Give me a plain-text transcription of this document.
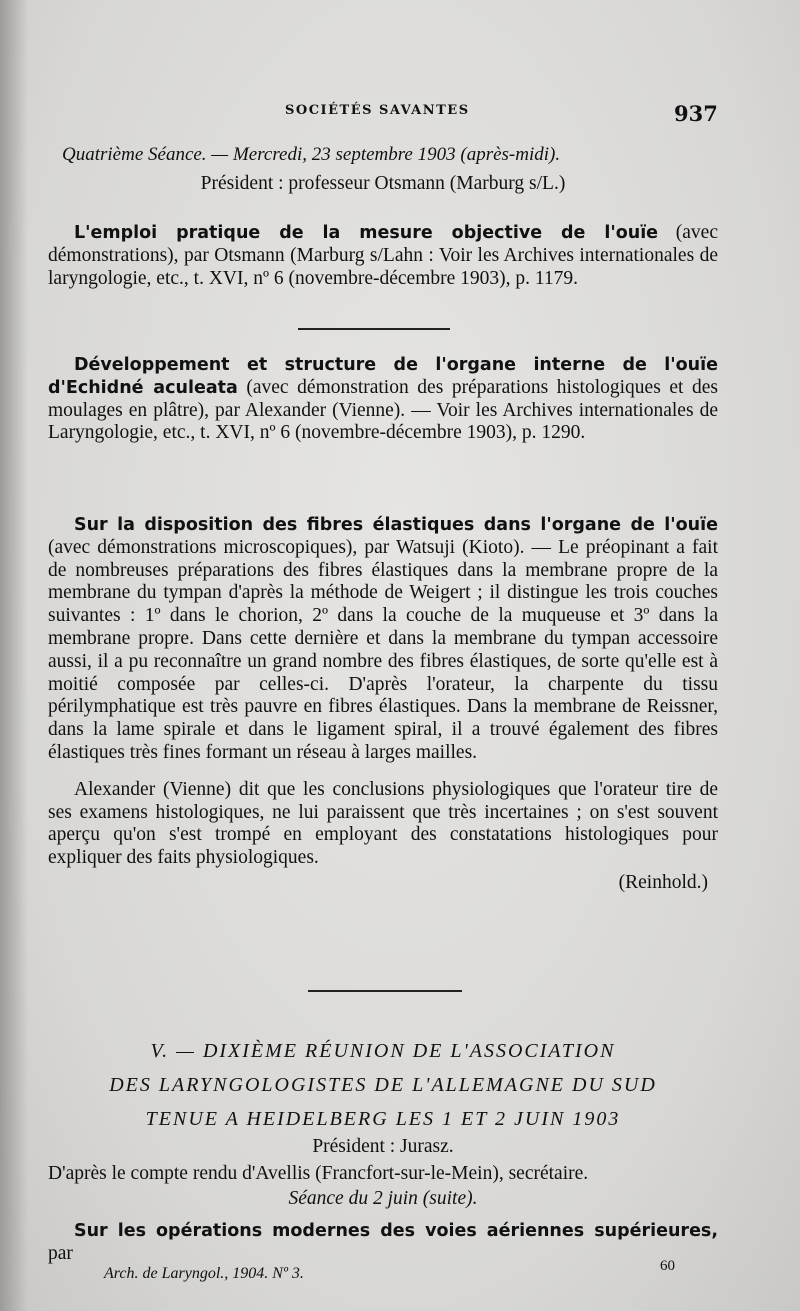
SOCIÉTÉS SAVANTES	937

Quatrième Séance. — Mercredi, 23 septembre 1903 (après-midi).

Président : professeur Otsmann (Marburg s/L.)

L'emploi pratique de la mesure objective de l'ouïe (avec démonstrations), par Otsmann (Marburg s/Lahn : Voir les Archives internationales de laryngologie, etc., t. XVI, nº 6 (novembre-décembre 1903), p. 1179.

Développement et structure de l'organe interne de l'ouïe d'Echidné aculeata (avec démonstration des préparations histologiques et des moulages en plâtre), par Alexander (Vienne). — Voir les Archives internationales de Laryngologie, etc., t. XVI, nº 6 (novembre-décembre 1903), p. 1290.

Sur la disposition des fibres élastiques dans l'organe de l'ouïe (avec démonstrations microscopiques), par Watsuji (Kioto). — Le préopinant a fait de nombreuses préparations des fibres élastiques dans la membrane propre de la membrane du tympan d'après la méthode de Weigert ; il distingue les trois couches suivantes : 1º dans le chorion, 2º dans la couche de la muqueuse et 3º dans la membrane propre. Dans cette dernière et dans la membrane du tympan accessoire aussi, il a pu reconnaître un grand nombre des fibres élastiques, de sorte qu'elle est à moitié composée par celles-ci. D'après l'orateur, la charpente du tissu périlymphatique est très pauvre en fibres élastiques. Dans la membrane de Reissner, dans la lame spirale et dans le ligament spiral, il a trouvé également des fibres élastiques très fines formant un réseau à larges mailles.

Alexander (Vienne) dit que les conclusions physiologiques que l'orateur tire de ses examens histologiques, ne lui paraissent que très incertaines ; on s'est souvent aperçu qu'on s'est trompé en employant des constatations histologiques pour expliquer des faits physiologiques.

(Reinhold.)

V. — DIXIÈME RÉUNION DE L'ASSOCIATION

DES LARYNGOLOGISTES DE L'ALLEMAGNE DU SUD

TENUE A HEIDELBERG LES 1 ET 2 JUIN 1903

Président : Jurasz.

D'après le compte rendu d'Avellis (Francfort-sur-le-Mein), secrétaire.

Séance du 2 juin (suite).

Sur les opérations modernes des voies aériennes supérieures, par

Arch. de Laryngol., 1904. Nº 3.	60
